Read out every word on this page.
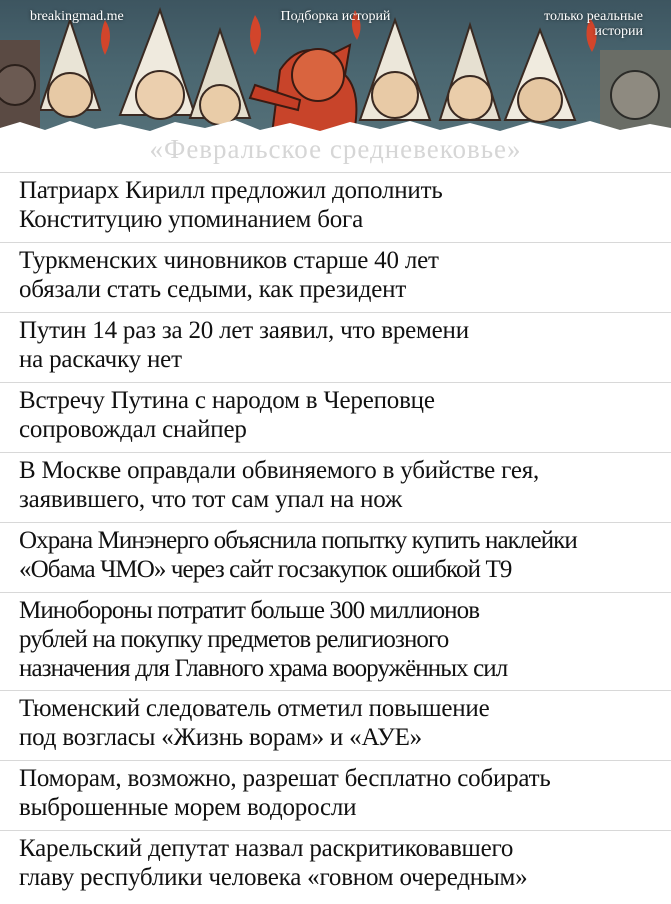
breakingmad.me	Подборка историй	только реальные истории
«Февральское средневековье»
Патриарх Кирилл предложил дополнить
Конституцию упоминанием бога
Туркменских чиновников старше 40 лет
обязали стать седыми, как президент
Путин 14 раз за 20 лет заявил, что времени
на раскачку нет
Встречу Путина с народом в Череповце
сопровождал снайпер
В Москве оправдали обвиняемого в убийстве гея,
заявившего, что тот сам упал на нож
Охрана Минэнерго объяснила попытку купить наклейки
«Обама ЧМО» через сайт госзакупок ошибкой Т9
Минобороны потратит больше 300 миллионов
рублей на покупку предметов религиозного
назначения для Главного храма вооружённых сил
Тюменский следователь отметил повышение
под возгласы «Жизнь ворам» и «АУЕ»
Поморам, возможно, разрешат бесплатно собирать
выброшенные морем водоросли
Карельский депутат назвал раскритиковавшего
главу республики человека «говном очередным»
